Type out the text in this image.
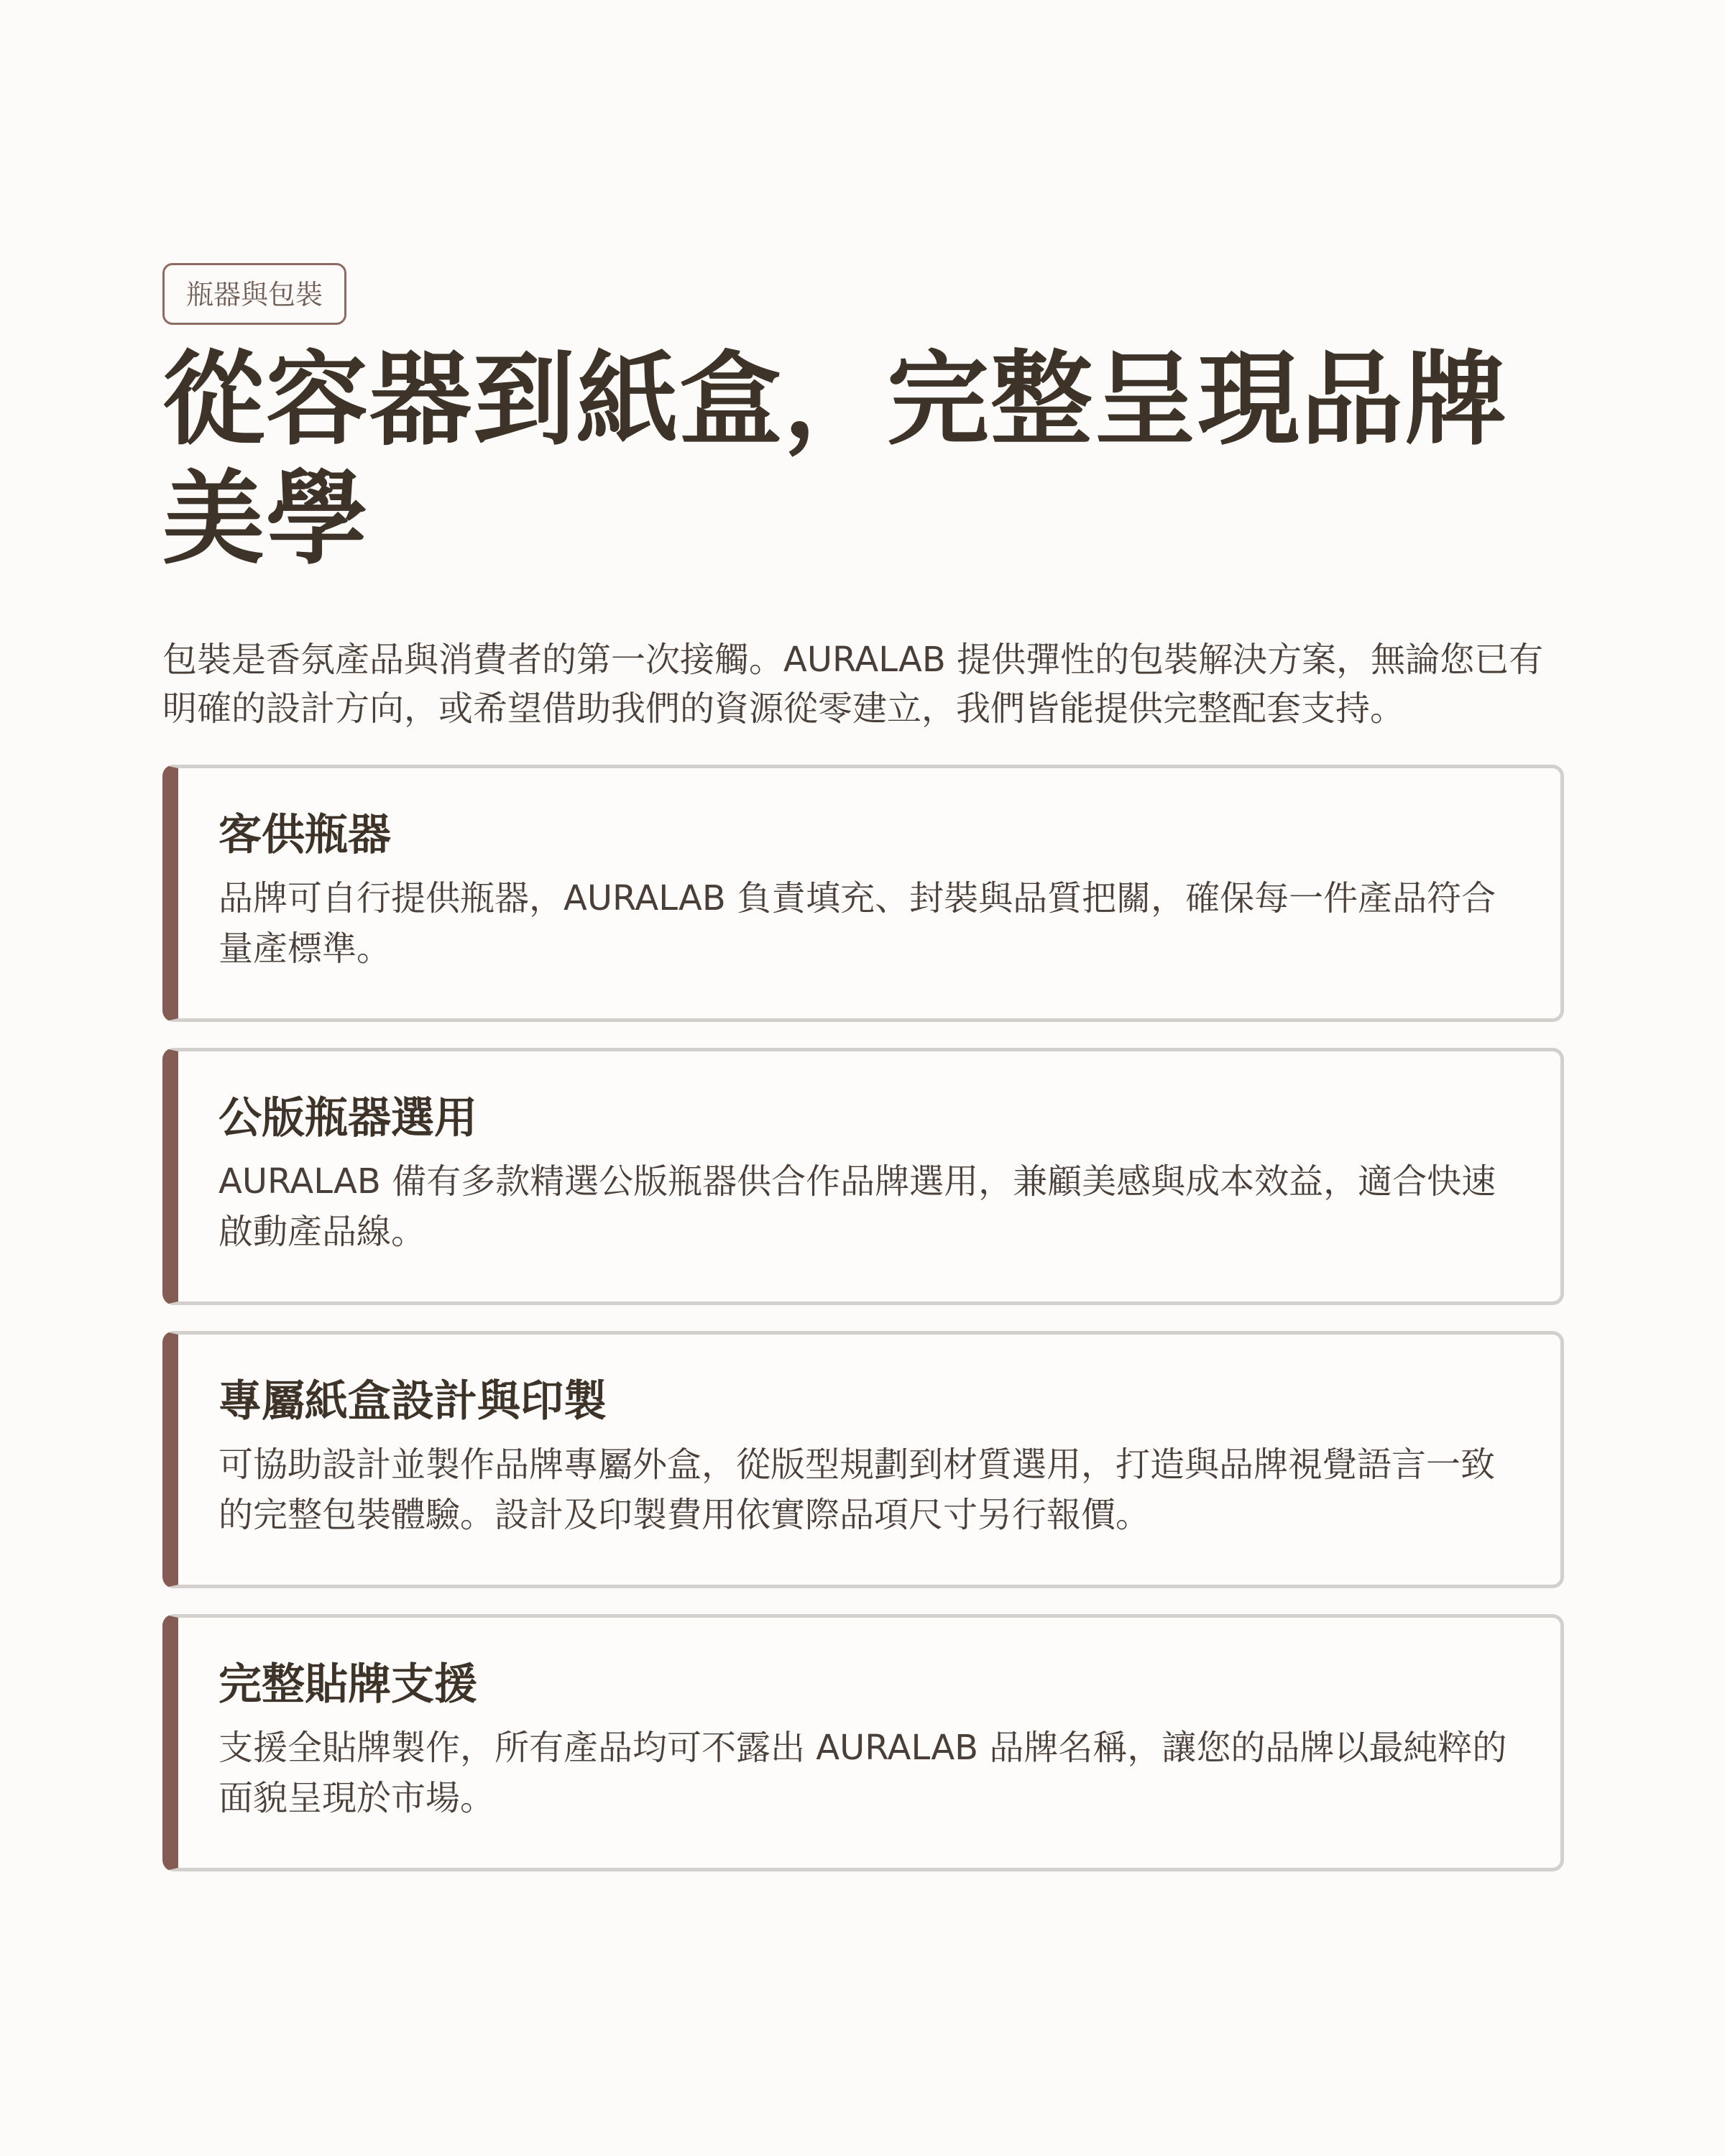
瓶器與包裝
從容器到紙盒，完整呈現品牌美學

包裝是香氛產品與消費者的第一次接觸。AURALAB 提供彈性的包裝解決方案，無論您已有明確的設計方向，或希望借助我們的資源從零建立，我們皆能提供完整配套支持。

客供瓶器
品牌可自行提供瓶器，AURALAB 負責填充、封裝與品質把關，確保每一件產品符合量產標準。
公版瓶器選用
AURALAB 備有多款精選公版瓶器供合作品牌選用，兼顧美感與成本效益，適合快速啟動產品線。
專屬紙盒設計與印製
可協助設計並製作品牌專屬外盒，從版型規劃到材質選用，打造與品牌視覺語言一致的完整包裝體驗。設計及印製費用依實際品項尺寸另行報價。
完整貼牌支援
支援全貼牌製作，所有產品均可不露出 AURALAB 品牌名稱，讓您的品牌以最純粹的面貌呈現於市場。
